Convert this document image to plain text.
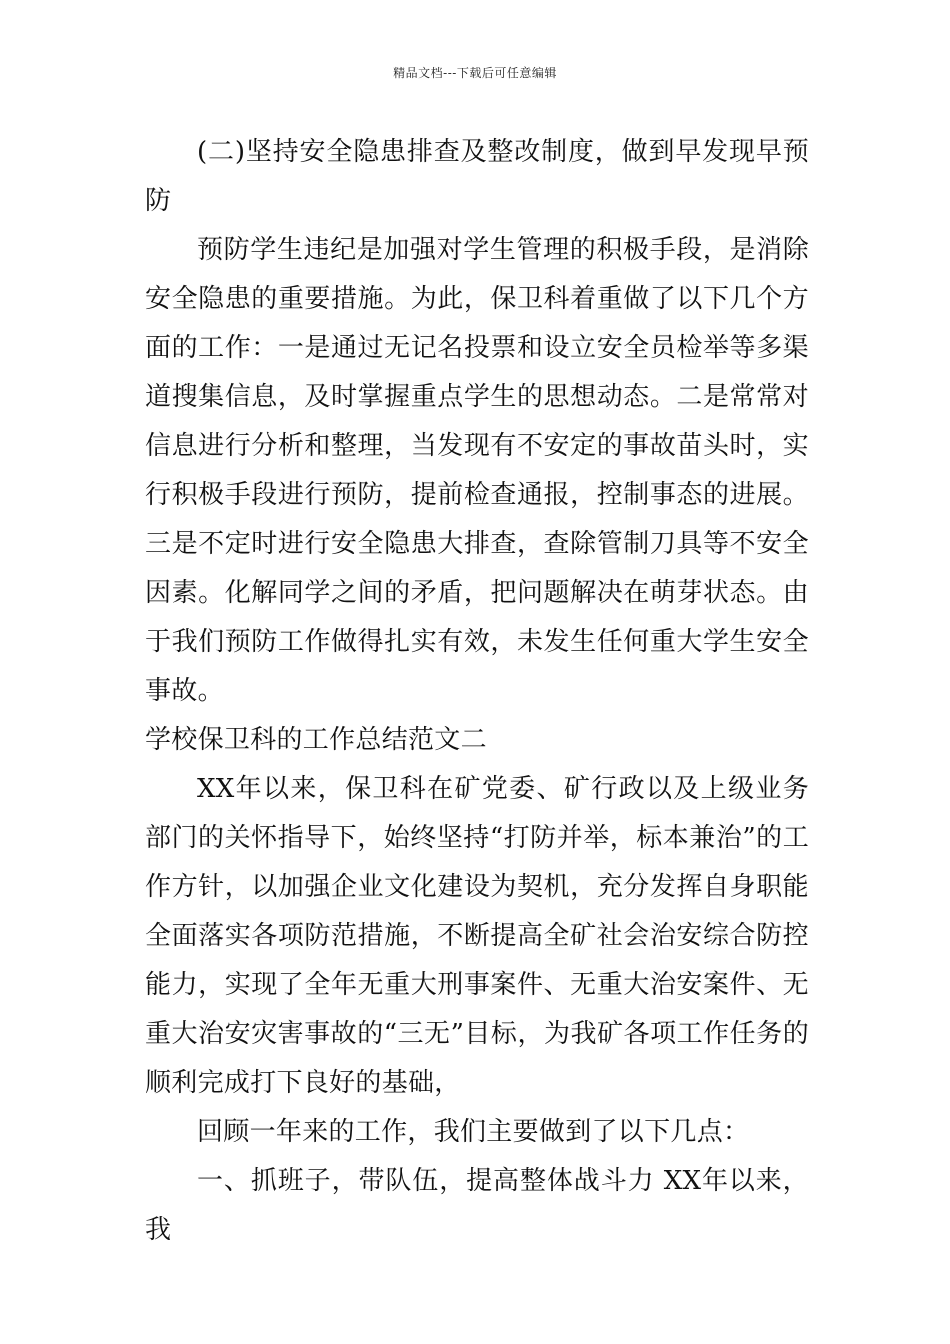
精品文档---下载后可任意编辑

(二)坚持安全隐患排查及整改制度，做到早发现早预防

预防学生违纪是加强对学生管理的积极手段，是消除安全隐患的重要措施。为此，保卫科着重做了以下几个方面的工作：一是通过无记名投票和设立安全员检举等多渠道搜集信息，及时掌握重点学生的思想动态。二是常常对信息进行分析和整理，当发现有不安定的事故苗头时，实行积极手段进行预防，提前检查通报，控制事态的进展。三是不定时进行安全隐患大排查，查除管制刀具等不安全因素。化解同学之间的矛盾，把问题解决在萌芽状态。由于我们预防工作做得扎实有效，未发生任何重大学生安全事故。

学校保卫科的工作总结范文二

XX年以来，保卫科在矿党委、矿行政以及上级业务部门的关怀指导下，始终坚持“打防并举，标本兼治”的工作方针，以加强企业文化建设为契机，充分发挥自身职能全面落实各项防范措施，不断提高全矿社会治安综合防控能力，实现了全年无重大刑事案件、无重大治安案件、无重大治安灾害事故的“三无”目标，为我矿各项工作任务的顺利完成打下良好的基础，

回顾一年来的工作，我们主要做到了以下几点：

一、抓班子，带队伍，提高整体战斗力 XX年以来，我
